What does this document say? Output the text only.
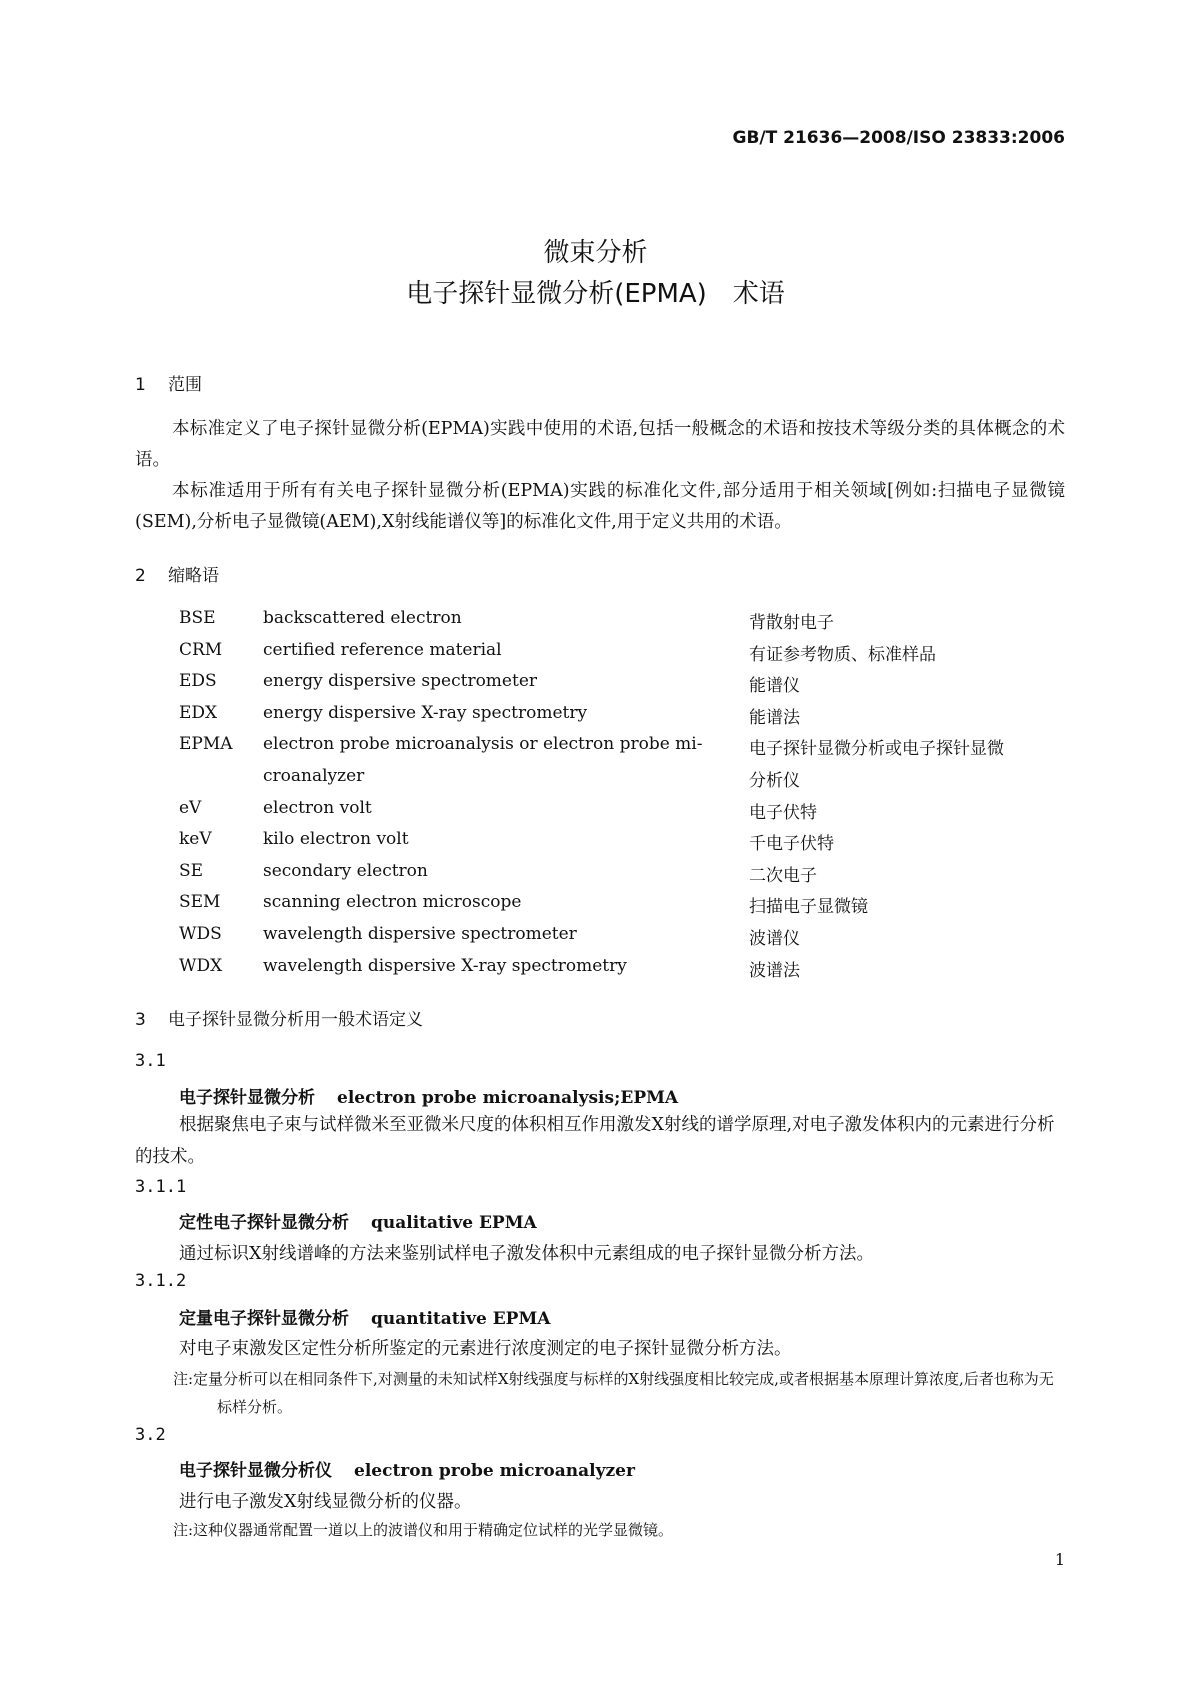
GB/T 21636—2008/ISO 23833:2006
微束分析
电子探针显微分析(EPMA)　术语
1 范围
本标准定义了电子探针显微分析(EPMA)实践中使用的术语,包括一般概念的术语和按技术等级分类的具体概念的术语。
本标准适用于所有有关电子探针显微分析(EPMA)实践的标准化文件,部分适用于相关领域[例如:扫描电子显微镜(SEM),分析电子显微镜(AEM),X射线能谱仪等]的标准化文件,用于定义共用的术语。
2 缩略语
BSE	backscattered electron	背散射电子
CRM certified reference material	有证参考物质、标准样品
EDS	energy dispersive spectrometer	能谱仪
EDX	energy dispersive X-ray spectrometry	能谱法
EPMA electron probe microanalysis or electron probe mi-	电子探针显微分析或电子探针显微
croanalyzer	分析仪
eV	electron volt	电子伏特
keV	kilo electron volt	千电子伏特
SE	secondary electron	二次电子
SEM	scanning electron microscope	扫描电子显微镜
WDS wavelength dispersive spectrometer	波谱仪
WDX wavelength dispersive X-ray spectrometry	波谱法
3 电子探针显微分析用一般术语定义
3.1
电子探针显微分析 electron probe microanalysis;EPMA
根据聚焦电子束与试样微米至亚微米尺度的体积相互作用激发X射线的谱学原理,对电子激发体积内的元素进行分析的技术。
3.1.1
定性电子探针显微分析 qualitative EPMA
通过标识X射线谱峰的方法来鉴别试样电子激发体积中元素组成的电子探针显微分析方法。
3.1.2
定量电子探针显微分析 quantitative EPMA
对电子束激发区定性分析所鉴定的元素进行浓度测定的电子探针显微分析方法。
注:定量分析可以在相同条件下,对测量的未知试样X射线强度与标样的X射线强度相比较完成,或者根据基本原理计算浓度,后者也称为无标样分析。
3.2
电子探针显微分析仪 electron probe microanalyzer
进行电子激发X射线显微分析的仪器。
注:这种仪器通常配置一道以上的波谱仪和用于精确定位试样的光学显微镜。
1
